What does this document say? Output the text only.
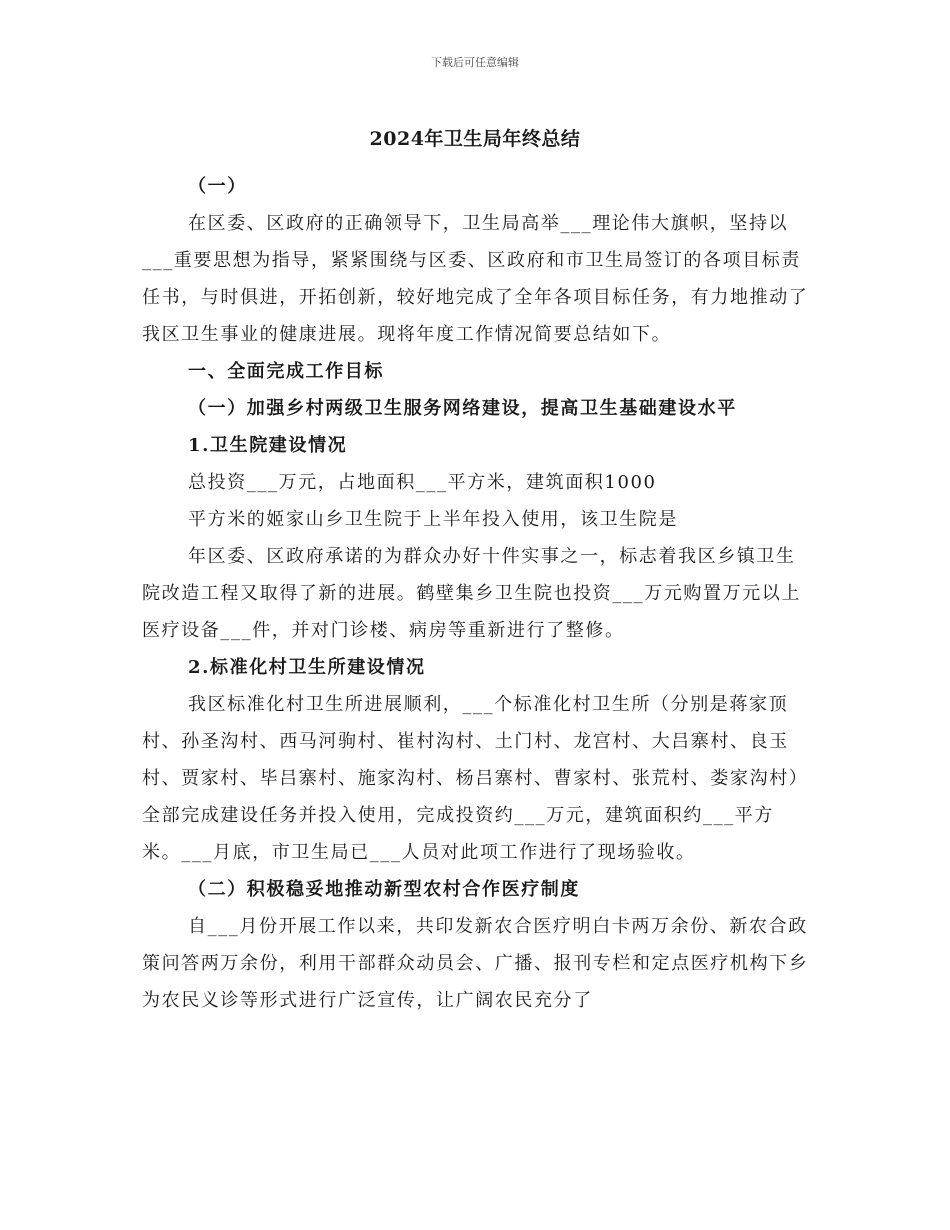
下载后可任意编辑
2024年卫生局年终总结

（一）

在区委、区政府的正确领导下，卫生局高举___理论伟大旗帜，坚持以___重要思想为指导，紧紧围绕与区委、区政府和市卫生局签订的各项目标责任书，与时俱进，开拓创新，较好地完成了全年各项目标任务，有力地推动了我区卫生事业的健康进展。现将年度工作情况简要总结如下。

一、全面完成工作目标

（一）加强乡村两级卫生服务网络建设，提高卫生基础建设水平

1.卫生院建设情况

总投资___万元，占地面积___平方米，建筑面积1000

平方米的姬家山乡卫生院于上半年投入使用，该卫生院是

年区委、区政府承诺的为群众办好十件实事之一，标志着我区乡镇卫生院改造工程又取得了新的进展。鹤壁集乡卫生院也投资___万元购置万元以上医疗设备___件，并对门诊楼、病房等重新进行了整修。

2.标准化村卫生所建设情况

我区标准化村卫生所进展顺利，___个标准化村卫生所（分别是蒋家顶村、孙圣沟村、西马河驹村、崔村沟村、土门村、龙宫村、大吕寨村、良玉村、贾家村、毕吕寨村、施家沟村、杨吕寨村、曹家村、张荒村、娄家沟村）全部完成建设任务并投入使用，完成投资约___万元，建筑面积约___平方米。___月底，市卫生局已___人员对此项工作进行了现场验收。

（二）积极稳妥地推动新型农村合作医疗制度

自___月份开展工作以来，共印发新农合医疗明白卡两万余份、新农合政策问答两万余份，利用干部群众动员会、广播、报刊专栏和定点医疗机构下乡为农民义诊等形式进行广泛宣传，让广阔农民充分了
